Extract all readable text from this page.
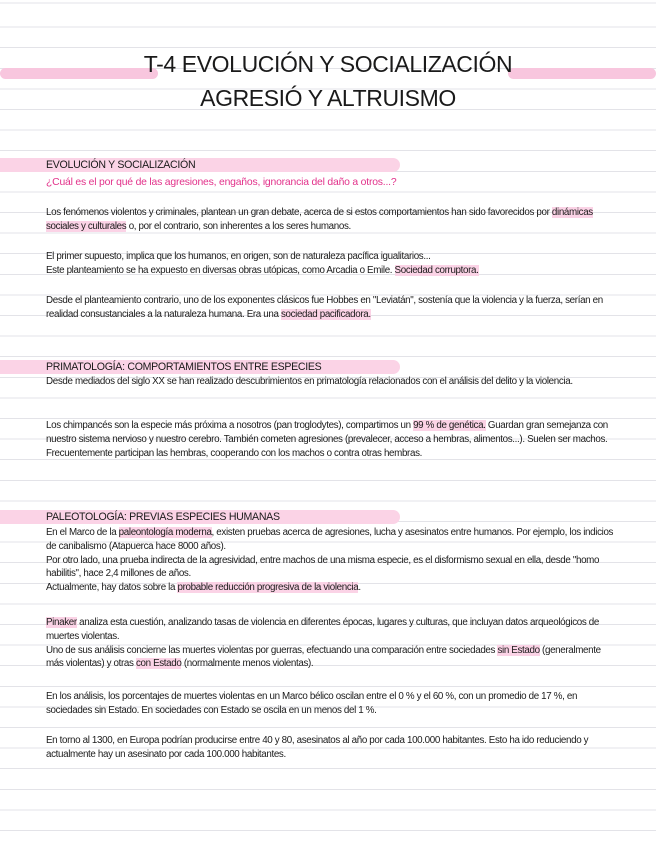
T-4 EVOLUCIÓN Y SOCIALIZACIÓN
AGRESIÓ Y ALTRUISMO
EVOLUCIÓN Y SOCIALIZACIÓN
¿Cuál es el por qué de las agresiones, engaños, ignorancia del daño a otros...?
Los fenómenos violentos y criminales, plantean un gran debate, acerca de si estos comportamientos han sido favorecidos por dinámicas sociales y culturales o, por el contrario, son inherentes a los seres humanos.
El primer supuesto, implica que los humanos, en origen, son de naturaleza pacífica igualitarios...
Este planteamiento se ha expuesto en diversas obras utópicas, como Arcadia o Emile. Sociedad corruptora.
Desde el planteamiento contrario, uno de los exponentes clásicos fue Hobbes en "Leviatán", sostenía que la violencia y la fuerza, serían en realidad consustanciales a la naturaleza humana. Era una sociedad pacificadora.
PRIMATOLOGÍA: COMPORTAMIENTOS ENTRE ESPECIES
Desde mediados del siglo XX se han realizado descubrimientos en primatología relacionados con el análisis del delito y la violencia.
Los chimpancés son la especie más próxima a nosotros (pan troglodytes), compartimos un 99 % de genética. Guardan gran semejanza con nuestro sistema nervioso y nuestro cerebro. También cometen agresiones (prevalecer, acceso a hembras, alimentos...). Suelen ser machos. Frecuentemente participan las hembras, cooperando con los machos o contra otras hembras.
PALEOTOLOGÍA: PREVIAS ESPECIES HUMANAS
En el Marco de la paleontología moderna, existen pruebas acerca de agresiones, lucha y asesinatos entre humanos. Por ejemplo, los indicios de canibalismo (Atapuerca hace 8000 años).
Por otro lado, una prueba indirecta de la agresividad, entre machos de una misma especie, es el disformismo sexual en ella, desde "homo habilitis", hace 2,4 millones de años.
Actualmente, hay datos sobre la probable reducción progresiva de la violencia.
Pinaker analiza esta cuestión, analizando tasas de violencia en diferentes épocas, lugares y culturas, que incluyan datos arqueológicos de muertes violentas.
Uno de sus análisis concierne las muertes violentas por guerras, efectuando una comparación entre sociedades sin Estado (generalmente más violentas) y otras con Estado (normalmente menos violentas).
En los análisis, los porcentajes de muertes violentas en un Marco bélico oscilan entre el 0 % y el 60 %, con un promedio de 17 %, en sociedades sin Estado. En sociedades con Estado se oscila en un menos del 1 %.
En torno al 1300, en Europa podrían producirse entre 40 y 80, asesinatos al año por cada 100.000 habitantes. Esto ha ido reduciendo y actualmente hay un asesinato por cada 100.000 habitantes.
